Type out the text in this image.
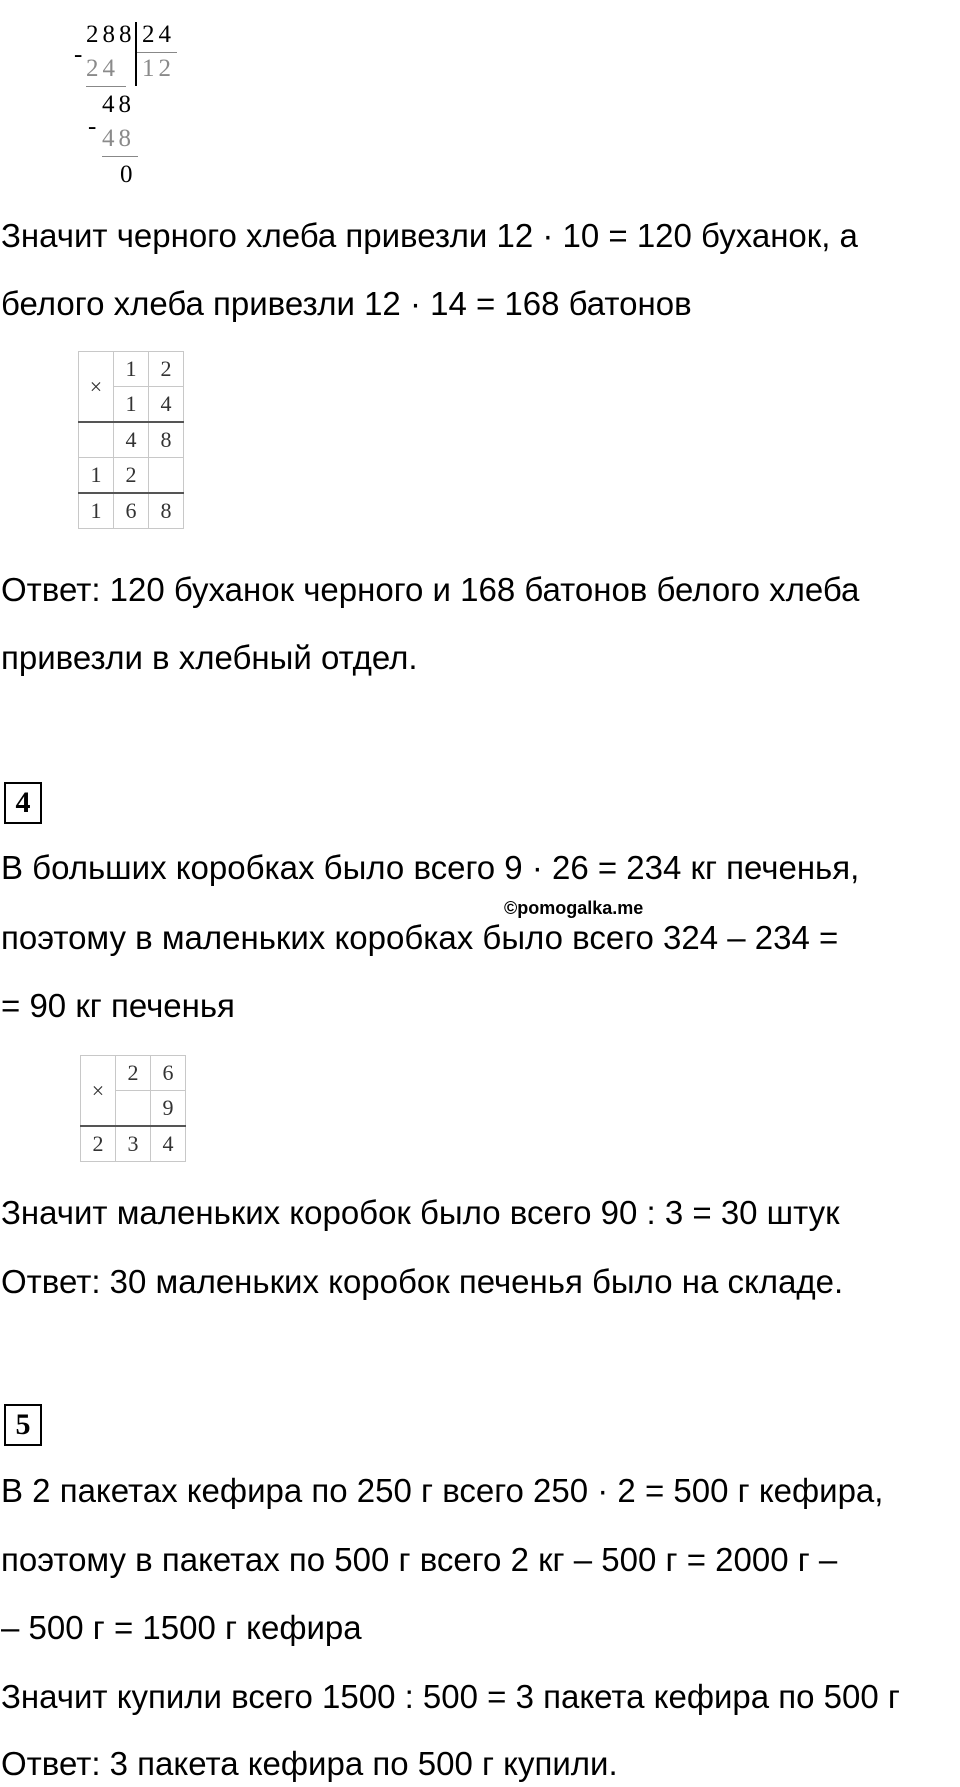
-
288 24
24 12
48
- 48
0

Значит черного хлеба привезли 12 · 10 = 120 буханок, а

белого хлеба привезли 12 · 14 = 168 батонов

×	1	2
	1	4
	4	8
1	2	
1	6	8

Ответ: 120 буханок черного и 168 батонов белого хлеба

привезли в хлебный отдел.

4

В больших коробках было всего 9 · 26 = 234 кг печенья,

©pomogalka.me

поэтому в маленьких коробках было всего 324 – 234 =

= 90 кг печенья

×	2	6
		9
2	3	4

Значит маленьких коробок было всего 90 : 3 = 30 штук

Ответ: 30 маленьких коробок печенья было на складе.

5

В 2 пакетах кефира по 250 г всего 250 · 2 = 500 г кефира,

поэтому в пакетах по 500 г всего 2 кг – 500 г = 2000 г –

– 500 г = 1500 г кефира

Значит купили всего 1500 : 500 = 3 пакета кефира по 500 г

Ответ: 3 пакета кефира по 500 г купили.
